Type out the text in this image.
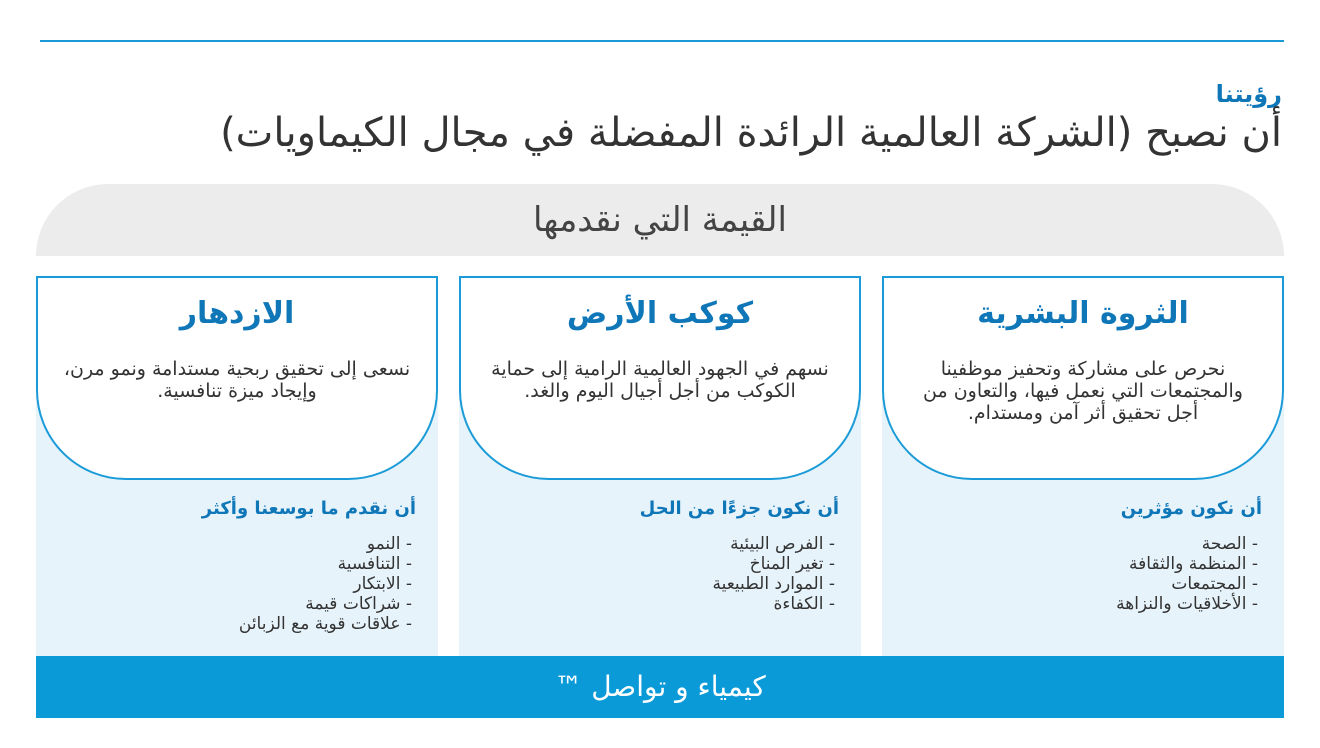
رؤيتنا
أن نصبح (الشركة العالمية الرائدة المفضلة في مجال الكيماويات)
القيمة التي نقدمها
الثروة البشرية
نحرص على مشاركة وتحفيز موظفينا والمجتمعات التي نعمل فيها، والتعاون من أجل تحقيق أثر آمن ومستدام.
أن نكون مؤثرين
- الصحة
- المنظمة والثقافة
- المجتمعات
- الأخلاقيات والنزاهة
كوكب الأرض
نسهم في الجهود العالمية الرامية إلى حماية الكوكب من أجل أجيال اليوم والغد.
أن نكون جزءًا من الحل
- الفرص البيئية
- تغير المناخ
- الموارد الطبيعية
- الكفاءة
الازدهار
نسعى إلى تحقيق ربحية مستدامة ونمو مرن، وإيجاد ميزة تنافسية.
أن نقدم ما بوسعنا وأكثر
- النمو
- التنافسية
- الابتكار
- شراكات قيمة
- علاقات قوية مع الزبائن
كيمياء و تواصل ™
